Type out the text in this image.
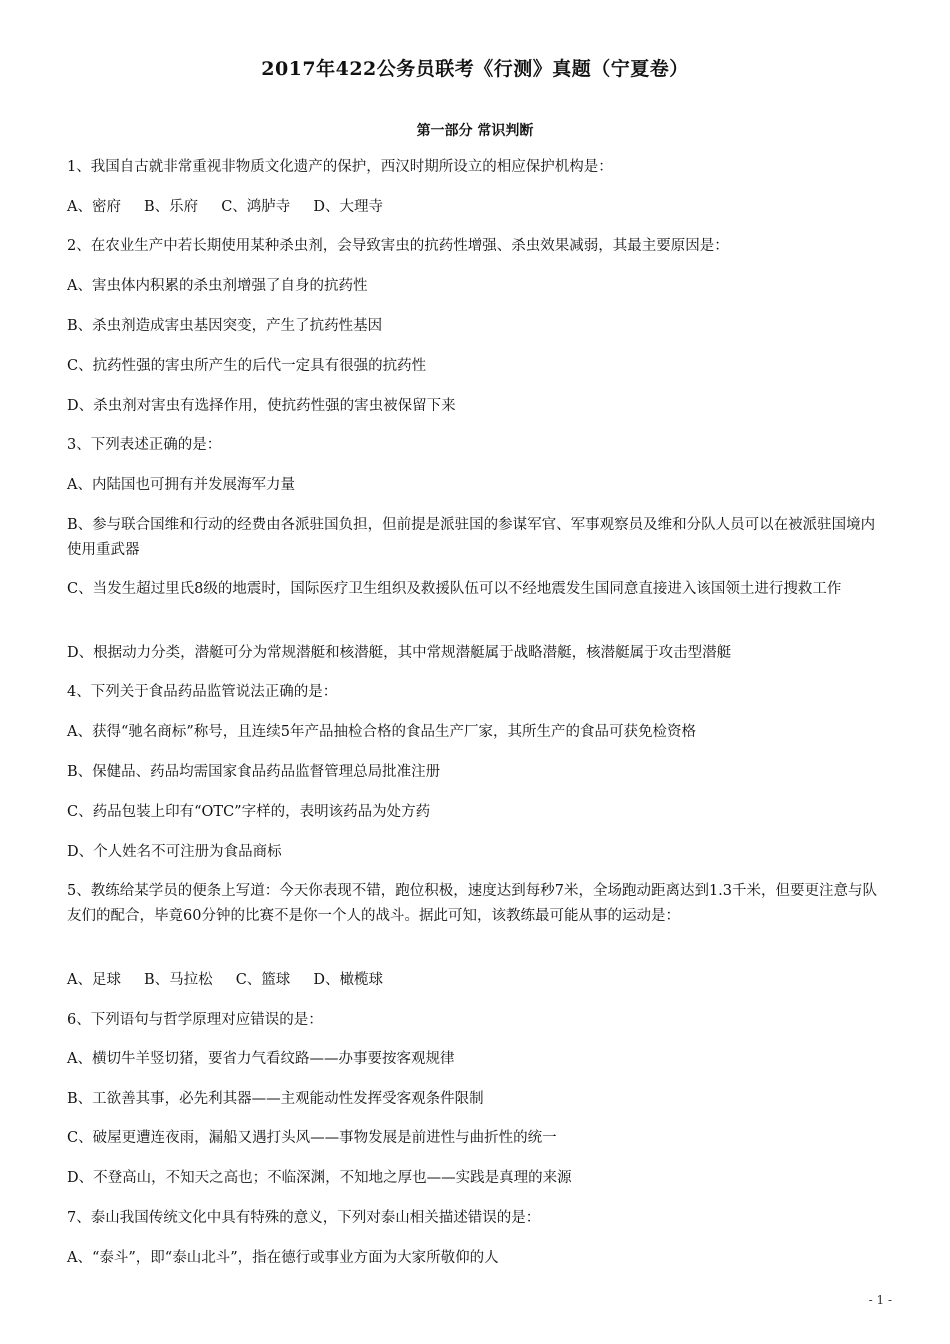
2017年422公务员联考《行测》真题（宁夏卷）
第一部分 常识判断
1、我国自古就非常重视非物质文化遗产的保护，西汉时期所设立的相应保护机构是：
A、密府     B、乐府     C、鸿胪寺     D、大理寺
2、在农业生产中若长期使用某种杀虫剂，会导致害虫的抗药性增强、杀虫效果减弱，其最主要原因是：
A、害虫体内积累的杀虫剂增强了自身的抗药性
B、杀虫剂造成害虫基因突变，产生了抗药性基因
C、抗药性强的害虫所产生的后代一定具有很强的抗药性
D、杀虫剂对害虫有选择作用，使抗药性强的害虫被保留下来
3、下列表述正确的是：
A、内陆国也可拥有并发展海军力量
B、参与联合国维和行动的经费由各派驻国负担，但前提是派驻国的参谋军官、军事观察员及维和分队人员可以在被派驻国境内使用重武器
C、当发生超过里氏8级的地震时，国际医疗卫生组织及救援队伍可以不经地震发生国同意直接进入该国领土进行搜救工作
D、根据动力分类，潜艇可分为常规潜艇和核潜艇，其中常规潜艇属于战略潜艇，核潜艇属于攻击型潜艇
4、下列关于食品药品监管说法正确的是：
A、获得“驰名商标”称号，且连续5年产品抽检合格的食品生产厂家，其所生产的食品可获免检资格
B、保健品、药品均需国家食品药品监督管理总局批准注册
C、药品包装上印有“OTC”字样的，表明该药品为处方药
D、个人姓名不可注册为食品商标
5、教练给某学员的便条上写道：今天你表现不错，跑位积极，速度达到每秒7米，全场跑动距离达到1.3千米，但要更注意与队友们的配合，毕竟60分钟的比赛不是你一个人的战斗。据此可知，该教练最可能从事的运动是：
A、足球     B、马拉松     C、篮球     D、橄榄球
6、下列语句与哲学原理对应错误的是：
A、横切牛羊竖切猪，要省力气看纹路——办事要按客观规律
B、工欲善其事，必先利其器——主观能动性发挥受客观条件限制
C、破屋更遭连夜雨，漏船又遇打头风——事物发展是前进性与曲折性的统一
D、不登高山，不知天之高也；不临深渊，不知地之厚也——实践是真理的来源
7、泰山我国传统文化中具有特殊的意义，下列对泰山相关描述错误的是：
A、“泰斗”，即“泰山北斗”，指在德行或事业方面为大家所敬仰的人
- 1 -
